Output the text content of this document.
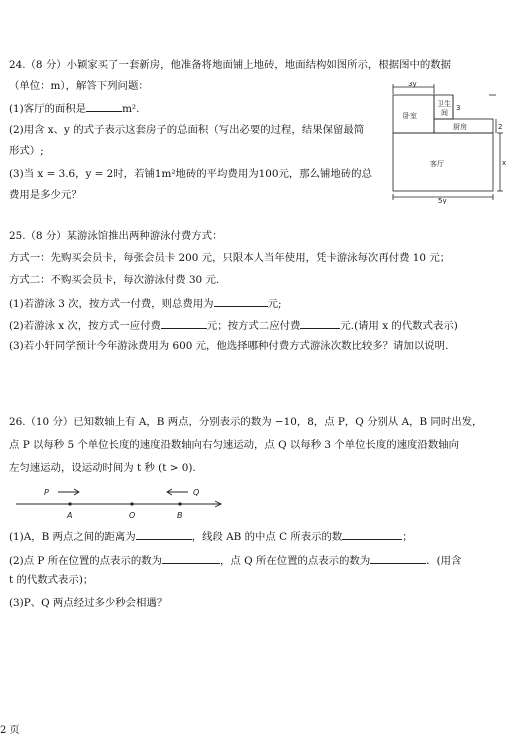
24.（8 分）小颖家买了一套新房，他准备将地面铺上地砖，地面结构如图所示，根据图中的数据
（单位：m），解答下列问题：
(1)客厅的面积是	m².
(2)用含 x、y 的式子表示这套房子的总面积（写出必要的过程，结果保留最简
形式）;
(3)当 x = 3.6，y = 2时，若铺1m²地砖的平均费用为100元，那么铺地砖的总
费用是多少元？
3y
卧室
卫生
间
3
厨房	2
客厅	x
5y
25.（8 分）某游泳馆推出两种游泳付费方式：
方式一：先购买会员卡，每张会员卡 200 元，只限本人当年使用，凭卡游泳每次再付费 10 元；
方式二：不购买会员卡，每次游泳付费 30 元.
(1)若游泳 3 次，按方式一付费，则总费用为	元;
(2)若游泳 x 次，按方式一应付费	元；按方式二应付费	元.(请用 x 的代数式表示)
(3)若小轩同学预计今年游泳费用为 600 元，他选择哪种付费方式游泳次数比较多？请加以说明.
26.（10 分）已知数轴上有 A，B 两点，分别表示的数为 −10，8，点 P，Q 分别从 A，B 同时出发，
点 P 以每秒 5 个单位长度的速度沿数轴向右匀速运动，点 Q 以每秒 3 个单位长度的速度沿数轴向
左匀速运动，设运动时间为 t 秒 (t > 0).
P	Q
A	O	B
(1)A，B 两点之间的距离为	，线段 AB 的中点 C 所表示的数	；
(2)点 P 所在位置的点表示的数为	，点 Q 所在位置的点表示的数为	．(用含
t 的代数式表示)；
(3)P、Q 两点经过多少秒会相遇？
2 页
